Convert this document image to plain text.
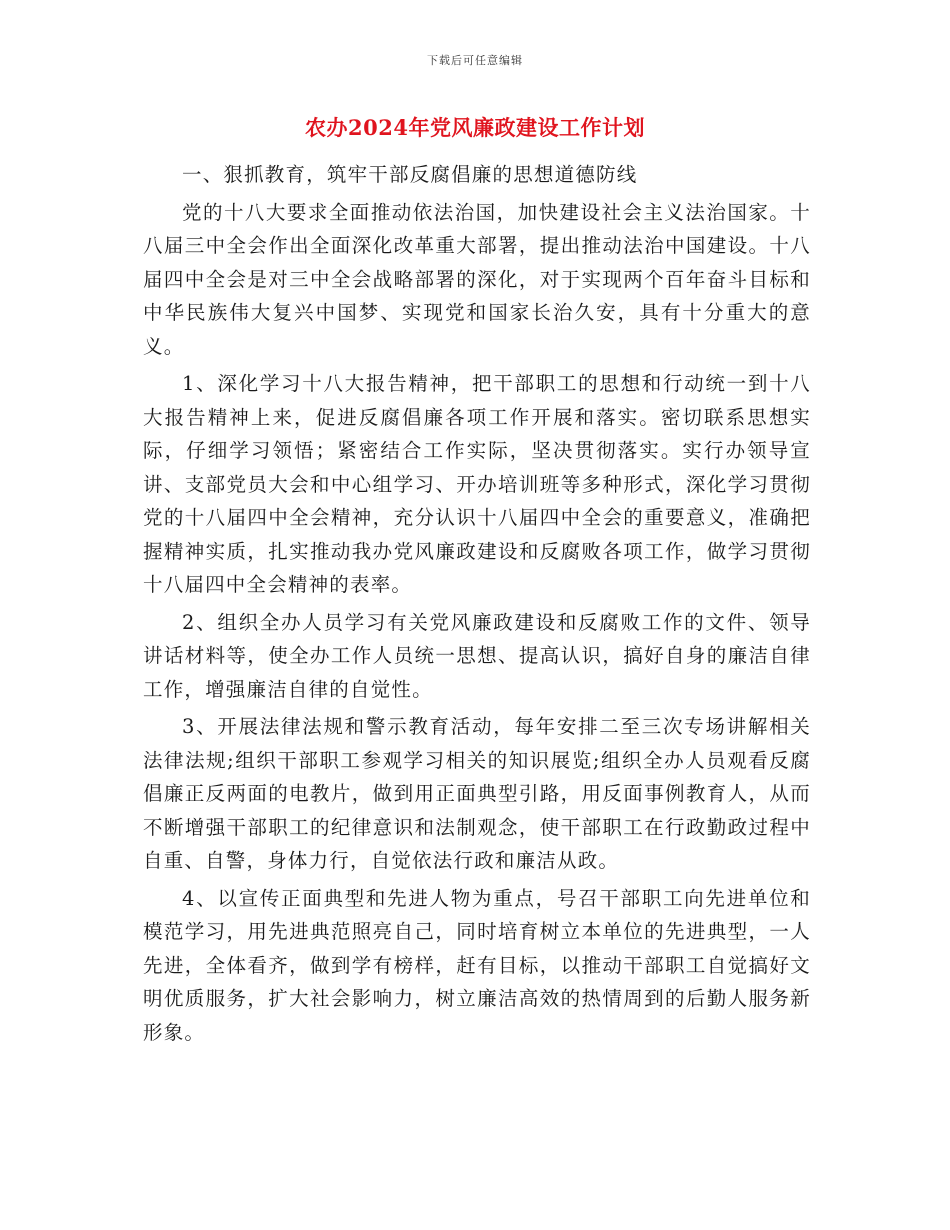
下载后可任意编辑
农办2024年党风廉政建设工作计划

一、狠抓教育，筑牢干部反腐倡廉的思想道德防线

党的十八大要求全面推动依法治国，加快建设社会主义法治国家。十八届三中全会作出全面深化改革重大部署，提出推动法治中国建设。十八届四中全会是对三中全会战略部署的深化，对于实现两个百年奋斗目标和中华民族伟大复兴中国梦、实现党和国家长治久安，具有十分重大的意义。

1、深化学习十八大报告精神，把干部职工的思想和行动统一到十八大报告精神上来，促进反腐倡廉各项工作开展和落实。密切联系思想实际，仔细学习领悟；紧密结合工作实际，坚决贯彻落实。实行办领导宣讲、支部党员大会和中心组学习、开办培训班等多种形式，深化学习贯彻党的十八届四中全会精神，充分认识十八届四中全会的重要意义，准确把握精神实质，扎实推动我办党风廉政建设和反腐败各项工作，做学习贯彻十八届四中全会精神的表率。

2、组织全办人员学习有关党风廉政建设和反腐败工作的文件、领导讲话材料等，使全办工作人员统一思想、提高认识，搞好自身的廉洁自律工作，增强廉洁自律的自觉性。

3、开展法律法规和警示教育活动，每年安排二至三次专场讲解相关法律法规;组织干部职工参观学习相关的知识展览;组织全办人员观看反腐倡廉正反两面的电教片，做到用正面典型引路，用反面事例教育人，从而不断增强干部职工的纪律意识和法制观念，使干部职工在行政勤政过程中自重、自警，身体力行，自觉依法行政和廉洁从政。

4、以宣传正面典型和先进人物为重点，号召干部职工向先进单位和模范学习，用先进典范照亮自己，同时培育树立本单位的先进典型，一人先进，全体看齐，做到学有榜样，赶有目标，以推动干部职工自觉搞好文明优质服务，扩大社会影响力，树立廉洁高效的热情周到的后勤人服务新形象。
